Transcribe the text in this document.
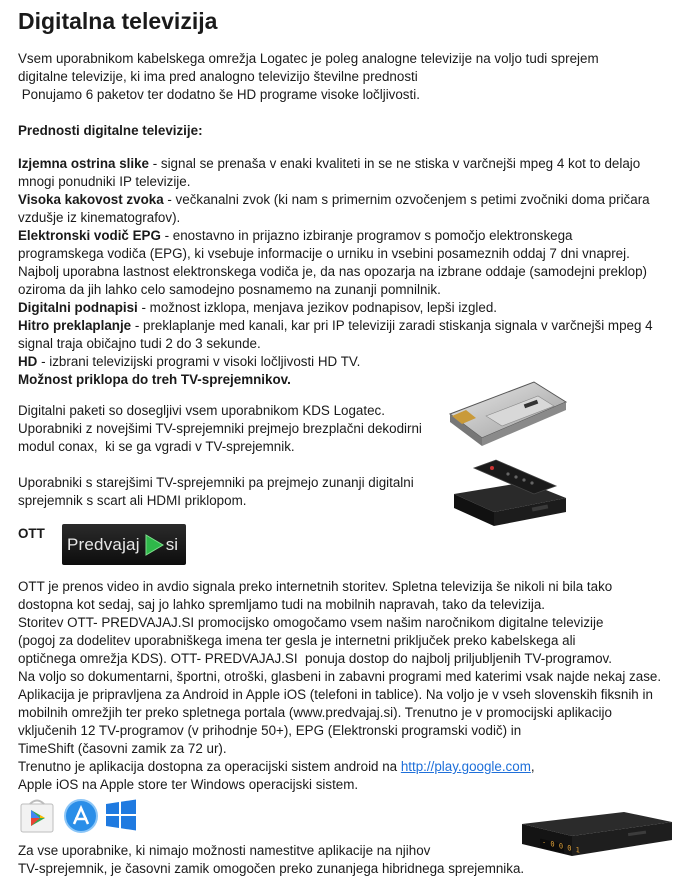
Digitalna televizija

Vsem uporabnikom kabelskega omrežja Logatec je poleg analogne televizije na voljo tudi sprejem

digitalne televizije, ki ima pred analogno televizijo številne prednosti

Ponujamo 6 paketov ter dodatno še HD programe visoke ločljivosti.

Prednosti digitalne televizije:

Izjemna ostrina slike - signal se prenaša v enaki kvaliteti in se ne stiska v varčnejši mpeg 4 kot to delajo

mnogi ponudniki IP televizije.

Visoka kakovost zvoka - večkanalni zvok (ki nam s primernim ozvočenjem s petimi zvočniki doma pričara

vzdušje iz kinematografov).

Elektronski vodič EPG - enostavno in prijazno izbiranje programov s pomočjo elektronskega

programskega vodiča (EPG), ki vsebuje informacije o urniku in vsebini posameznih oddaj 7 dni vnaprej.

Najbolj uporabna lastnost elektronskega vodiča je, da nas opozarja na izbrane oddaje (samodejni preklop)

oziroma da jih lahko celo samodejno posnamemo na zunanji pomnilnik.

Digitalni podnapisi - možnost izklopa, menjava jezikov podnapisov, lepši izgled.

Hitro preklaplanje - preklaplanje med kanali, kar pri IP televiziji zaradi stiskanja signala v varčnejši mpeg 4

signal traja običajno tudi 2 do 3 sekunde.

HD - izbrani televizijski programi v visoki ločljivosti HD TV.

Možnost priklopa do treh TV-sprejemnikov.

Digitalni paketi so dosegljivi vsem uporabnikom KDS Logatec.

Uporabniki z novejšimi TV-sprejemniki prejmejo brezplačni dekodirni

modul conax,  ki se ga vgradi v TV-sprejemnik.

Uporabniki s starejšimi TV-sprejemniki pa prejmejo zunanji digitalni

sprejemnik s scart ali HDMI priklopom.

OTT
Predvajaj si

OTT je prenos video in avdio signala preko internetnih storitev. Spletna televizija še nikoli ni bila tako

dostopna kot sedaj, saj jo lahko spremljamo tudi na mobilnih napravah, tako da televizija.

Storitev OTT- PREDVAJAJ.SI promocijsko omogočamo vsem našim naročnikom digitalne televizije

(pogoj za dodelitev uporabniškega imena ter gesla je internetni priključek preko kabelskega ali

optičnega omrežja KDS). OTT- PREDVAJAJ.SI  ponuja dostop do najbolj priljubljenih TV-programov.

Na voljo so dokumentarni, športni, otroški, glasbeni in zabavni programi med katerimi vsak najde nekaj zase.

Aplikacija je pripravljena za Android in Apple iOS (telefoni in tablice). Na voljo je v vseh slovenskih fiksnih in

mobilnih omrežjih ter preko spletnega portala (www.predvajaj.si). Trenutno je v promocijski aplikacijo

vključenih 12 TV-programov (v prihodnje 50+), EPG (Elektronski programski vodič) in

TimeShift (časovni zamik za 72 ur).

Trenutno je aplikacija dostopna za operacijski sistem android na http://play.google.com,

Apple iOS na Apple store ter Windows operacijski sistem.

- 0 0 0 1

Za vse uporabnike, ki nimajo možnosti namestitve aplikacije na njihov

TV-sprejemnik, je časovni zamik omogočen preko zunanjega hibridnega sprejemnika.
